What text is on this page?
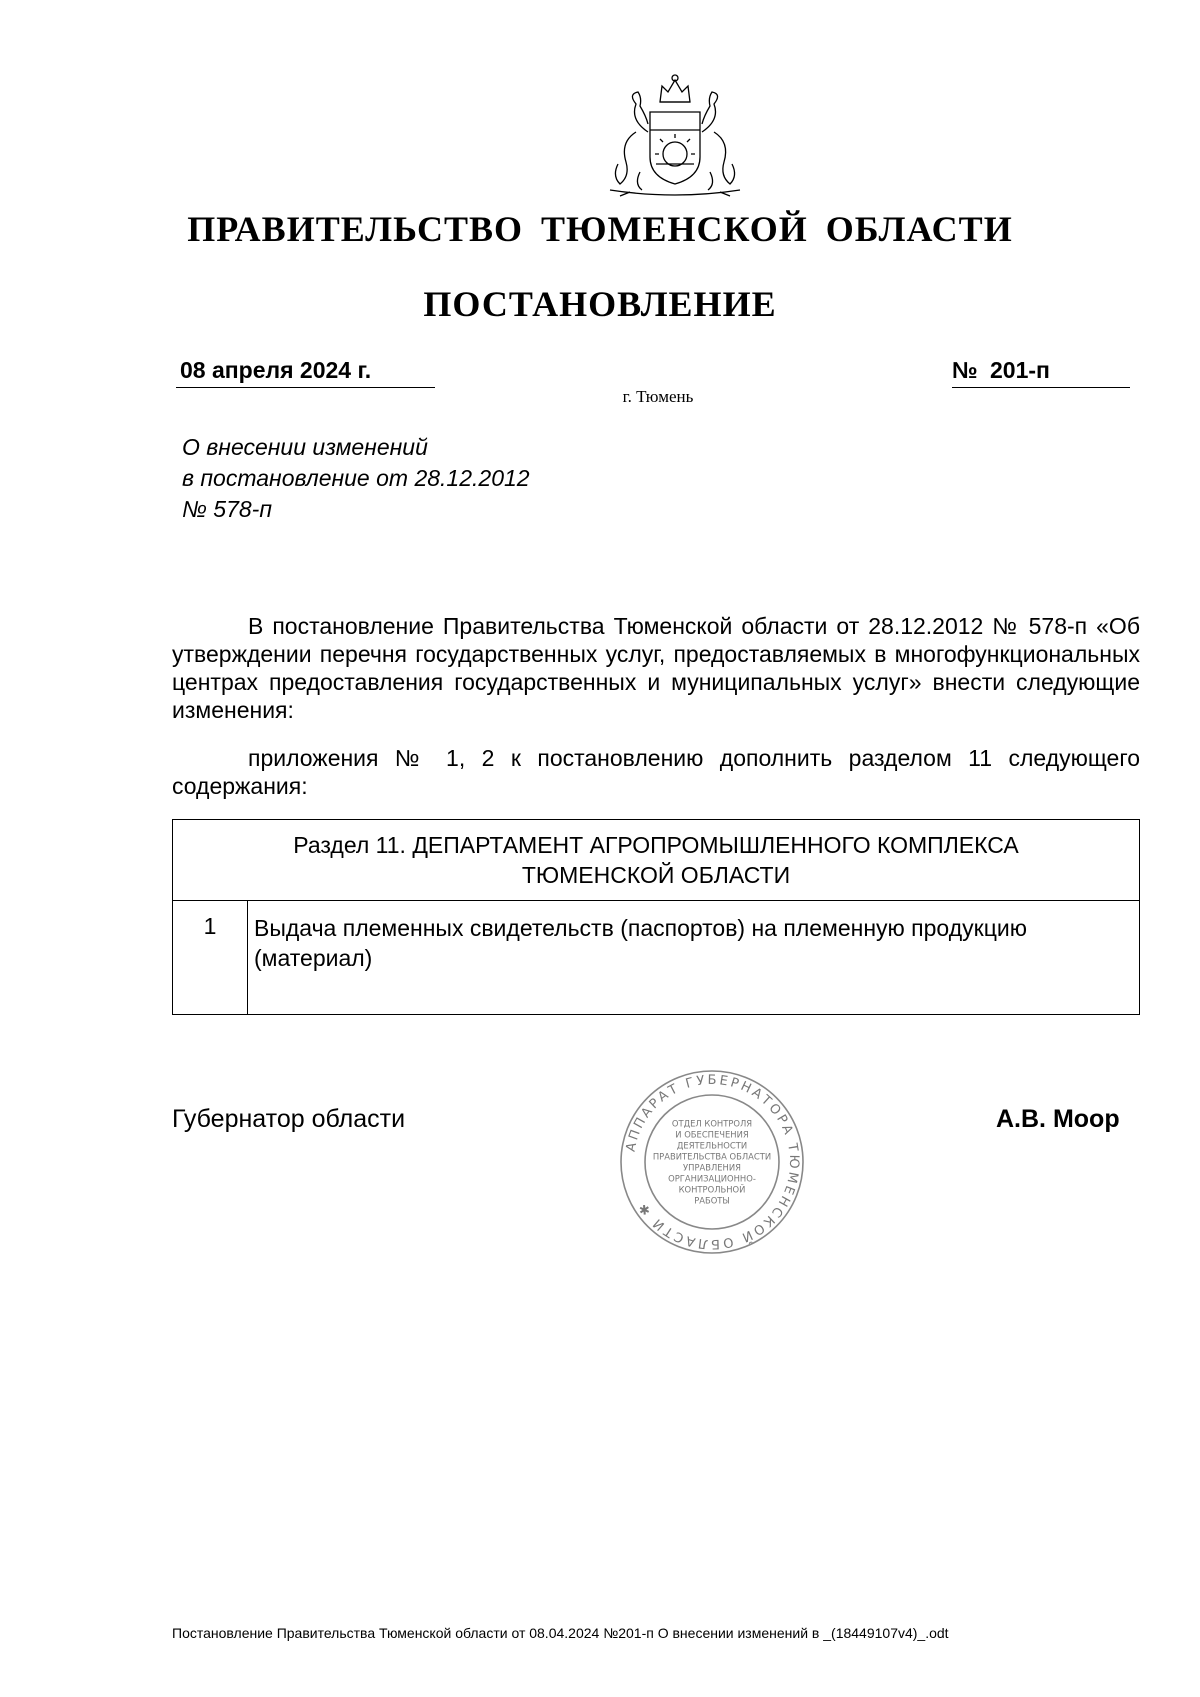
ПРАВИТЕЛЬСТВО ТЮМЕНСКОЙ ОБЛАСТИ
ПОСТАНОВЛЕНИЕ
08 апреля 2024 г.	№ 201-п
г. Тюмень
О внесении изменений
в постановление от 28.12.2012
№ 578-п
В постановление Правительства Тюменской области от 28.12.2012 № 578-п «Об утверждении перечня государственных услуг, предоставляемых в многофункциональных центрах предоставления государственных и муниципальных услуг» внести следующие изменения:
приложения № 1, 2 к постановлению дополнить разделом 11 следующего содержания:
Раздел 11. ДЕПАРТАМЕНТ АГРОПРОМЫШЛЕННОГО КОМПЛЕКСА
ТЮМЕНСКОЙ ОБЛАСТИ

1	Выдача племенных свидетельств (паспортов) на племенную продукцию (материал)
Губернатор области	А.В. Моор
АППАРАТ ГУБЕРНАТОРА ТЮМЕНСКОЙ ОБЛАСТИ ✱
ОТДЕЛ КОНТРОЛЯ
И ОБЕСПЕЧЕНИЯ
ДЕЯТЕЛЬНОСТИ
ПРАВИТЕЛЬСТВА ОБЛАСТИ
УПРАВЛЕНИЯ
ОРГАНИЗАЦИОННО-
КОНТРОЛЬНОЙ
РАБОТЫ
Постановление Правительства Тюменской области от 08.04.2024 №201-п О внесении изменений в _(18449107v4)_.odt
